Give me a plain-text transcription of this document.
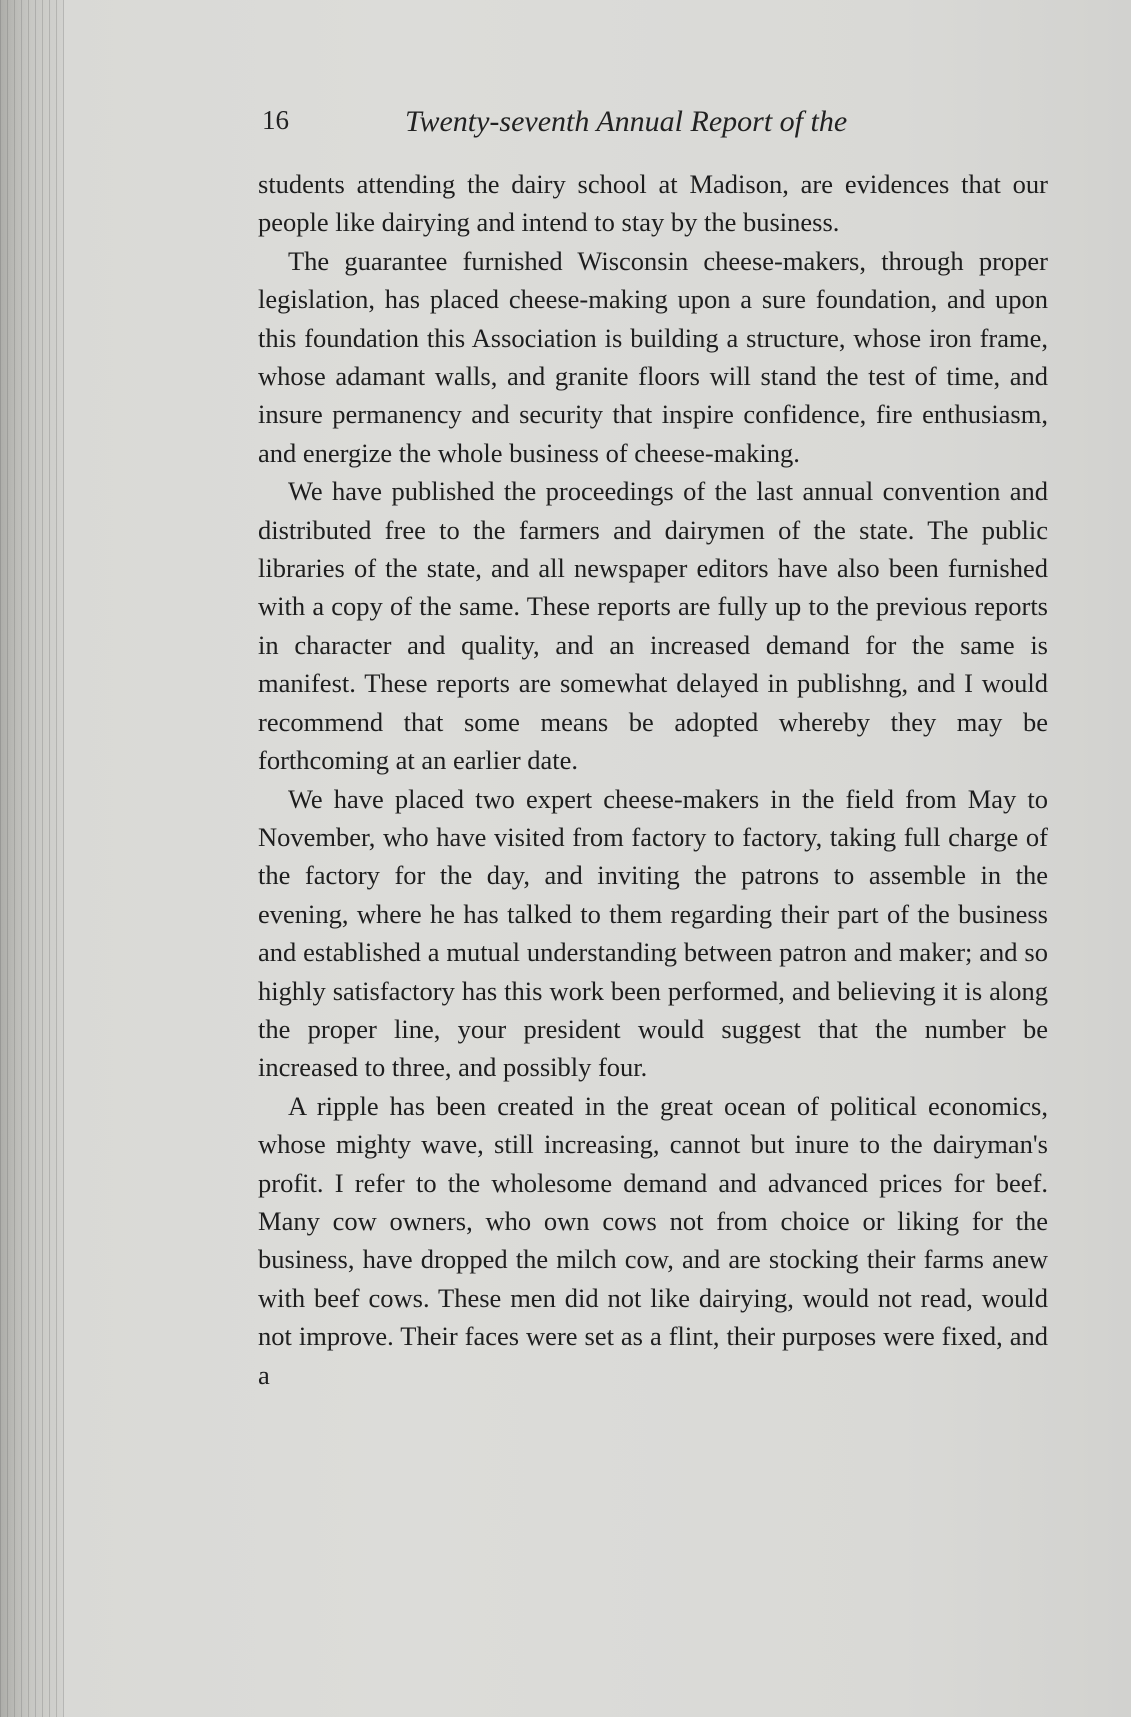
16	Twenty-seventh Annual Report of the

students attending the dairy school at Madison, are evidences that our people like dairying and intend to stay by the business.

The guarantee furnished Wisconsin cheese-makers, through proper legislation, has placed cheese-making upon a sure foundation, and upon this foundation this Association is building a structure, whose iron frame, whose adamant walls, and granite floors will stand the test of time, and insure permanency and security that inspire confidence, fire enthusiasm, and energize the whole business of cheese-making.

We have published the proceedings of the last annual convention and distributed free to the farmers and dairymen of the state. The public libraries of the state, and all newspaper editors have also been furnished with a copy of the same. These reports are fully up to the previous reports in character and quality, and an increased demand for the same is manifest. These reports are somewhat delayed in publishng, and I would recommend that some means be adopted whereby they may be forthcoming at an earlier date.

We have placed two expert cheese-makers in the field from May to November, who have visited from factory to factory, taking full charge of the factory for the day, and inviting the patrons to assemble in the evening, where he has talked to them regarding their part of the business and established a mutual understanding between patron and maker; and so highly satisfactory has this work been performed, and believing it is along the proper line, your president would suggest that the number be increased to three, and possibly four.

A ripple has been created in the great ocean of political economics, whose mighty wave, still increasing, cannot but inure to the dairyman's profit. I refer to the wholesome demand and advanced prices for beef. Many cow owners, who own cows not from choice or liking for the business, have dropped the milch cow, and are stocking their farms anew with beef cows. These men did not like dairying, would not read, would not improve. Their faces were set as a flint, their purposes were fixed, and a
